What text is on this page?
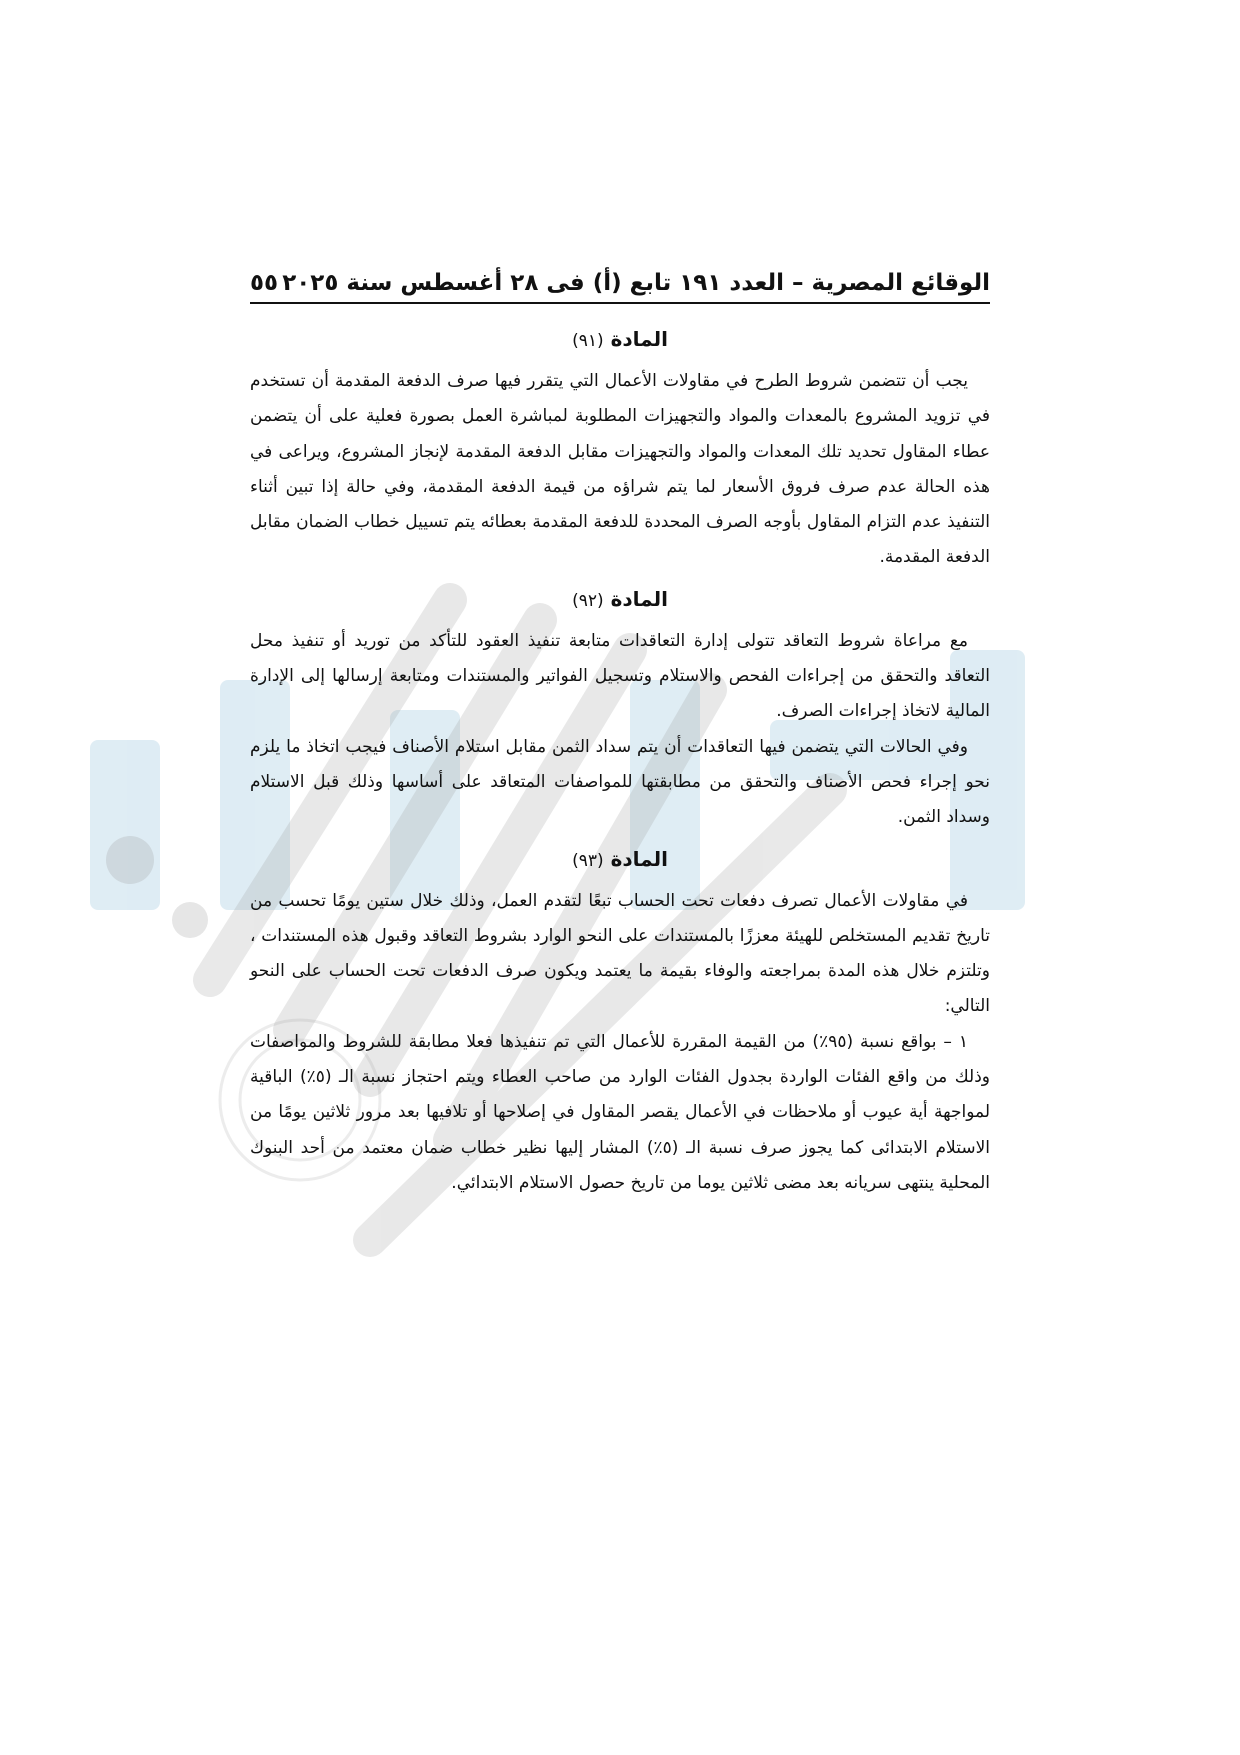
الوقائع المصرية – العدد ١٩١ تابع (أ) فى ٢٨ أغسطس سنة ٢٠٢٥
٥٥
المادة (٩١)

يجب أن تتضمن شروط الطرح في مقاولات الأعمال التي يتقرر فيها صرف الدفعة المقدمة أن تستخدم في تزويد المشروع بالمعدات والمواد والتجهيزات المطلوبة لمباشرة العمل بصورة فعلية على أن يتضمن عطاء المقاول تحديد تلك المعدات والمواد والتجهيزات مقابل الدفعة المقدمة لإنجاز المشروع، ويراعى في هذه الحالة عدم صرف فروق الأسعار لما يتم شراؤه من قيمة الدفعة المقدمة، وفي حالة إذا تبين أثناء التنفيذ عدم التزام المقاول بأوجه الصرف المحددة للدفعة المقدمة بعطائه يتم تسييل خطاب الضمان مقابل الدفعة المقدمة.

المادة (٩٢)

مع مراعاة شروط التعاقد تتولى إدارة التعاقدات متابعة تنفيذ العقود للتأكد من توريد أو تنفيذ محل التعاقد والتحقق من إجراءات الفحص والاستلام وتسجيل الفواتير والمستندات ومتابعة إرسالها إلى الإدارة المالية لاتخاذ إجراءات الصرف.

وفي الحالات التي يتضمن فيها التعاقدات أن يتم سداد الثمن مقابل استلام الأصناف فيجب اتخاذ ما يلزم نحو إجراء فحص الأصناف والتحقق من مطابقتها للمواصفات المتعاقد على أساسها وذلك قبل الاستلام وسداد الثمن.

المادة (٩٣)

في مقاولات الأعمال تصرف دفعات تحت الحساب تبعًا لتقدم العمل، وذلك خلال ستين يومًا تحسب من تاريخ تقديم المستخلص للهيئة معززًا بالمستندات على النحو الوارد بشروط التعاقد وقبول هذه المستندات ، وتلتزم خلال هذه المدة بمراجعته والوفاء بقيمة ما يعتمد ويكون صرف الدفعات تحت الحساب على النحو التالي:

١ – بواقع نسبة (٩٥٪) من القيمة المقررة للأعمال التي تم تنفيذها فعلا مطابقة للشروط والمواصفات وذلك من واقع الفئات الواردة بجدول الفئات الوارد من صاحب العطاء ويتم احتجاز نسبة الـ (٥٪) الباقية لمواجهة أية عيوب أو ملاحظات في الأعمال يقصر المقاول في إصلاحها أو تلافيها بعد مرور ثلاثين يومًا من الاستلام الابتدائى كما يجوز صرف نسبة الـ (٥٪) المشار إليها نظير خطاب ضمان معتمد من أحد البنوك المحلية ينتهى سريانه بعد مضى ثلاثين يوما من تاريخ حصول الاستلام الابتدائي.
